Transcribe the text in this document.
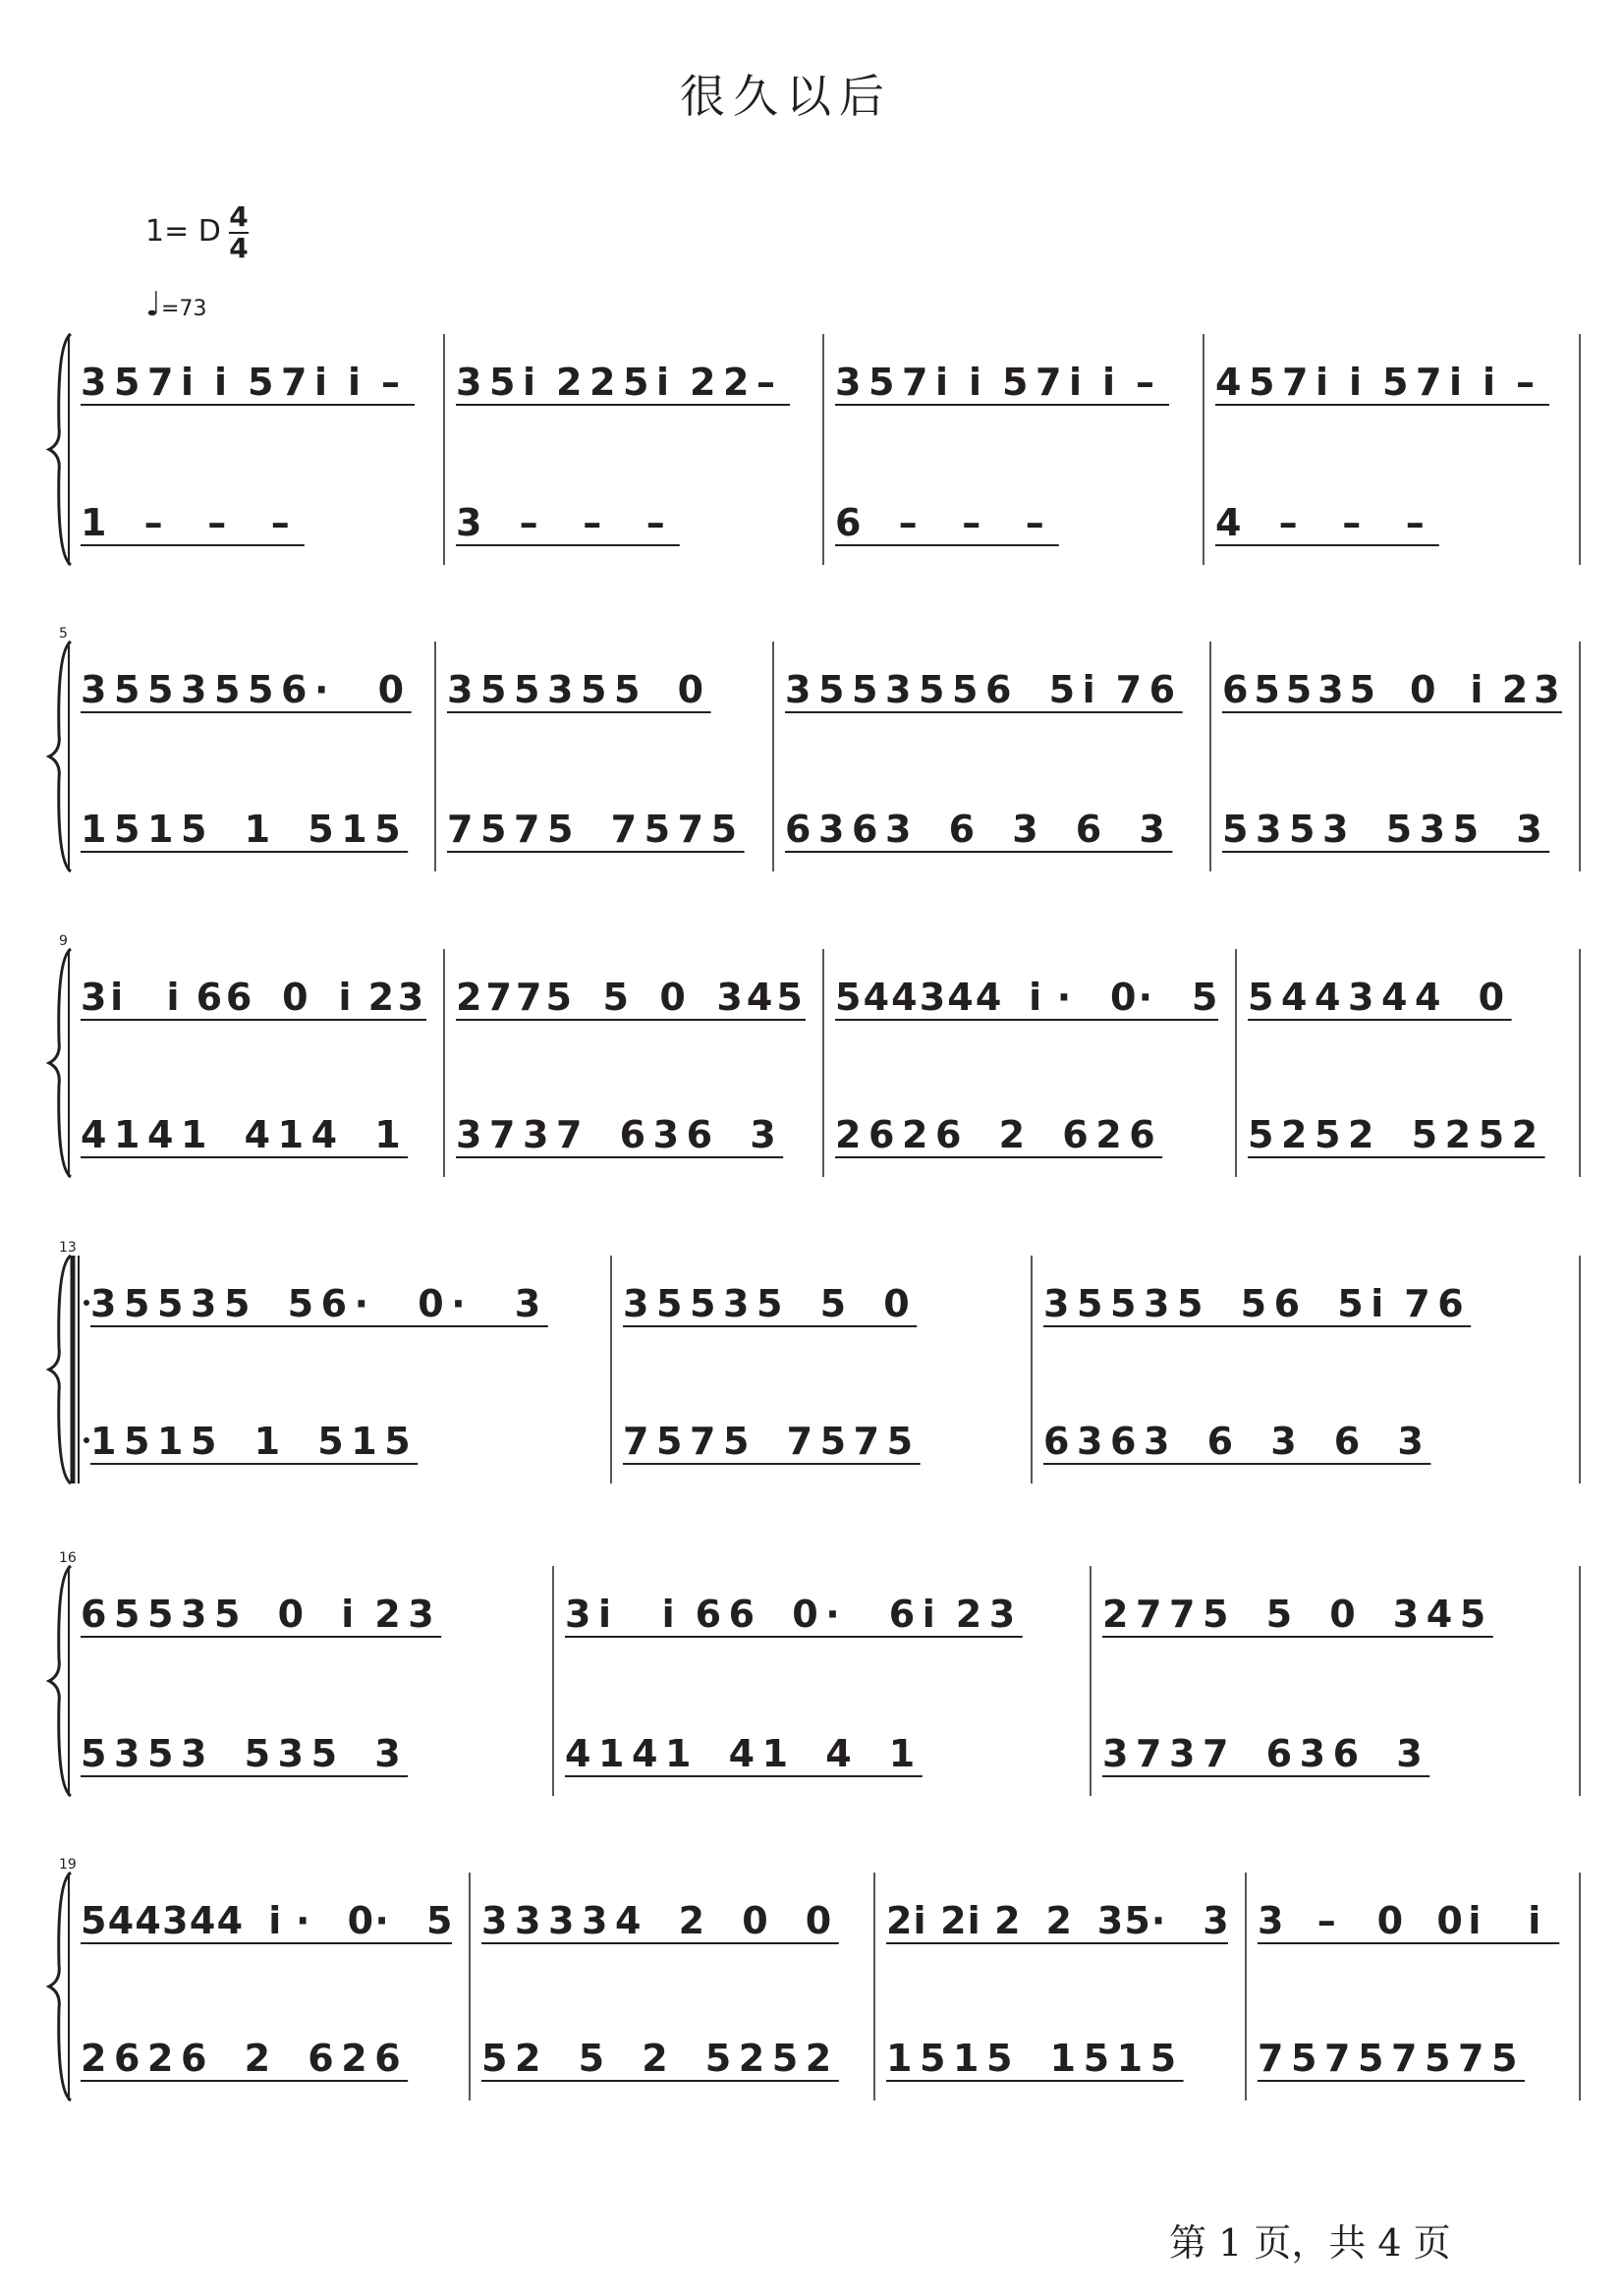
很久以后
1= D 4
4
♩=73
3 5 7 i i 5 7 i i – 3 5 i 2 2 5 i 2 2 – 3 5 7 i i 5 7 i i – 4 5 7 i i 5 7 i i –
1 – – –	3 – – –	6 – – –	4 – – –
5
3 5 5 3 5 5 6 · 0 3 5 5 3 5 5 0 3 5 5 3 5 5 6 5 i 7 6 6 5 5 3 5 0 i 2 3
1 5 1 5 1 5 1 5 7 5 7 5 7 5 7 5 6 3 6 3 6 3 6 3 5 3 5 3 5 3 5 3
9
3 i i 6 6 0 i 2 3 2 7 7 5 5 0 3 4 5 5 4 4 3 4 4 i · 0 · 5 5 4 4 3 4 4 0
4 1 4 1 4 1 4 1 3 7 3 7 6 3 6 3 2 6 2 6 2 6 2 6 5 2 5 2 5 2 5 2
13
3 5 5 3 5 5 6 · 0 · 3 3 5 5 3 5 5 0	3 5 5 3 5 5 6 5 i 7 6
1 5 1 5 1 5 1 5	7 5 7 5 7 5 7 5	6 3 6 3 6 3 6 3
16
6 5 5 3 5 0 i 2 3	3 i i 6 6 0 · 6 i 2 3 2 7 7 5 5 0 3 4 5
5 3 5 3 5 3 5 3	4 1 4 1 4 1 4 1	3 7 3 7 6 3 6 3
19
5 4 4 3 4 4 i · 0 · 5 3 3 3 3 4 2 0 0 2 i 2 i 2 2 3 5 · 3 3 – 0 0 i i
2 6 2 6 2 6 2 6 5 2 5 2 5 2 5 2 1 5 1 5 1 5 1 5 7 5 7 5 7 5 7 5
第 1 页，共 4 页
